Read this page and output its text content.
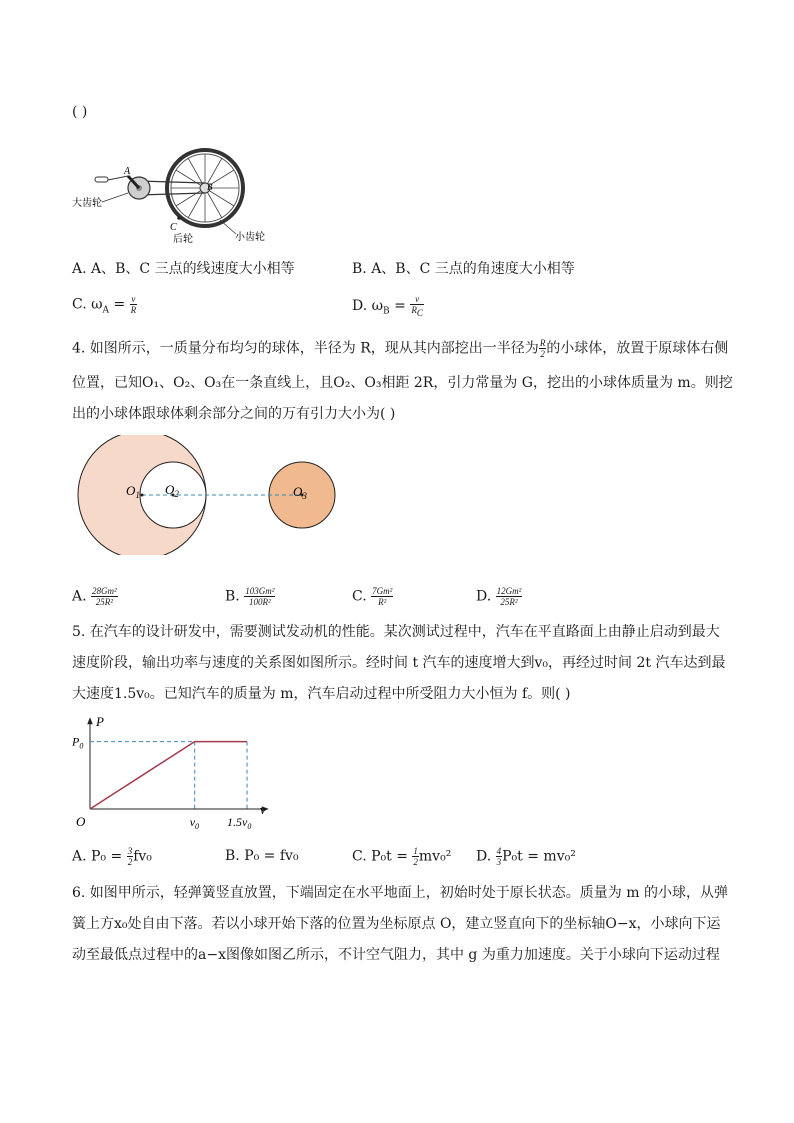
( )
A
B
C
大齿轮
后轮	小齿轮
A. A、B、C 三点的线速度大小相等	B. A、B、C 三点的角速度大小相等
C. $\omega_A = \frac{v}{R}$	D. $\omega_B = \frac{v}{R_C}$
4. 如图所示，一质量分布均匀的球体，半径为 R，现从其内部挖出一半径为 $\frac{R}{2}$ 的小球体，放置于原球体右侧
位置，已知O₁、O₂、O₃在一条直线上，且O₂、O₃相距 2R，引力常量为 G，挖出的小球体质量为 m。则挖
出的小球体跟球体剩余部分之间的万有引力大小为( )
$O_1$ $O_2$	$O_3$
A. $\frac{\text{28Gm²}}{\text{25R²}}$	B. $\frac{\text{103Gm²}}{\text{100R²}}$	C. $\frac{\text{7Gm²}}{\text{R²}}$	D. $\frac{\text{12Gm²}}{\text{25R²}}$
5. 在汽车的设计研发中，需要测试发动机的性能。某次测试过程中，汽车在平直路面上由静止启动到最大
速度阶段，输出功率与速度的关系图如图所示。经时间 t 汽车的速度增大到v₀，再经过时间 2t 汽车达到最
大速度1.5v₀。已知汽车的质量为 m，汽车启动过程中所受阻力大小恒为 f。则( )
P
v
O
$P_0$
$v_0$ $1.5v_0$
A. $P_0 = \frac{3}{2} fv_0$	B. P₀ = fv₀	C. $P_0t = \frac{1}{2} mv_0^2$ D. $\frac{4}{3} P_0t = mv_0^2$
6. 如图甲所示，轻弹簧竖直放置，下端固定在水平地面上，初始时处于原长状态。质量为 m 的小球，从弹
簧上方x₀处自由下落。若以小球开始下落的位置为坐标原点 O，建立竖直向下的坐标轴O−x，小球向下运
动至最低点过程中的a−x图像如图乙所示，不计空气阻力，其中 g 为重力加速度。关于小球向下运动过程
